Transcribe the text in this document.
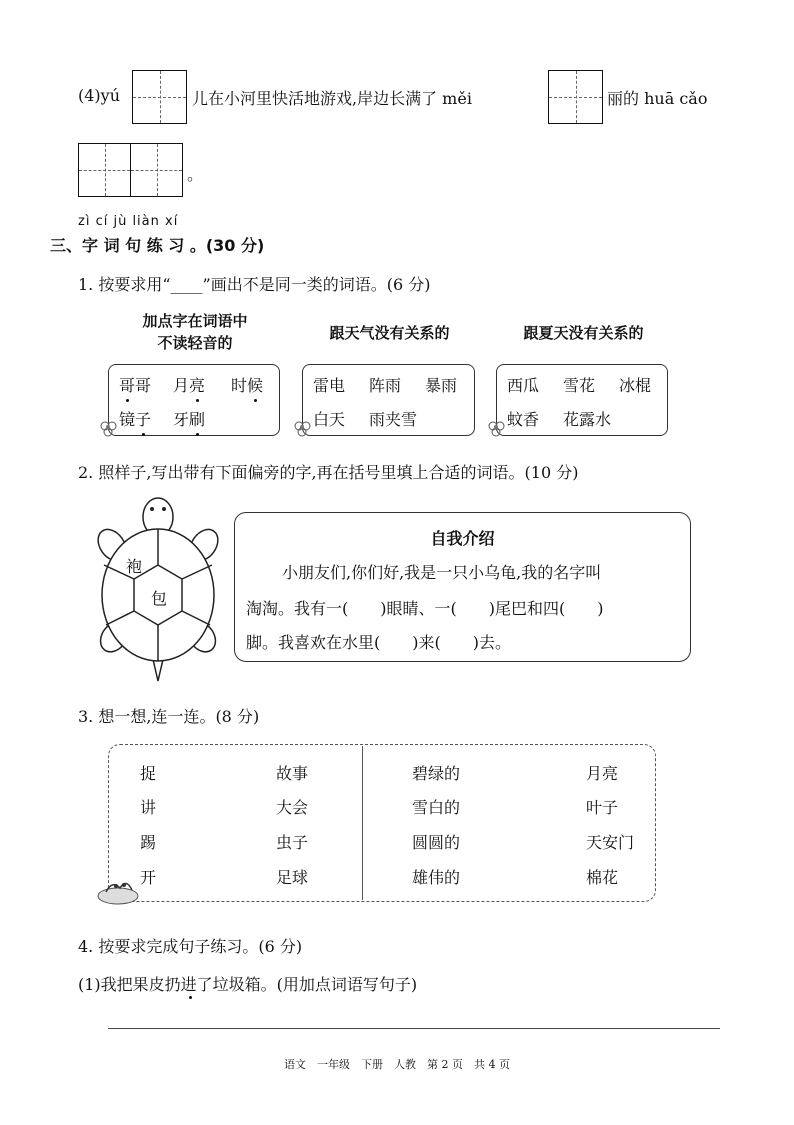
(4)yú	儿在小河里快活地游戏,岸边长满了 měi	丽的 huā cǎo
。
zì cí jù liàn xí
三、字 词 句 练 习 。(30 分)
1. 按要求用“____”画出不是同一类的词语。(6 分)
加点字在词语中
不读轻音的
哥哥 月亮 时候
镜子 牙刷
跟天气没有关系的
雷电 阵雨 暴雨
白天 雨夹雪
跟夏天没有关系的
西瓜 雪花 冰棍
蚊香 花露水
2. 照样子,写出带有下面偏旁的字,再在括号里填上合适的词语。(10 分)
袍
包
自我介绍
小朋友们,你们好,我是一只小乌龟,我的名字叫
淘淘。我有一(　　)眼睛、一(　　)尾巴和四(　　)
脚。我喜欢在水里(　　)来(　　)去。
3. 想一想,连一连。(8 分)
捉
讲
踢
开
故事
大会
虫子
足球
碧绿的
雪白的
圆圆的
雄伟的
月亮
叶子
天安门
棉花
4. 按要求完成句子练习。(6 分)
(1)我把果皮扔进了垃圾箱。(用加点词语写句子)
语文　一年级　下册　人教　第 2 页　共 4 页
